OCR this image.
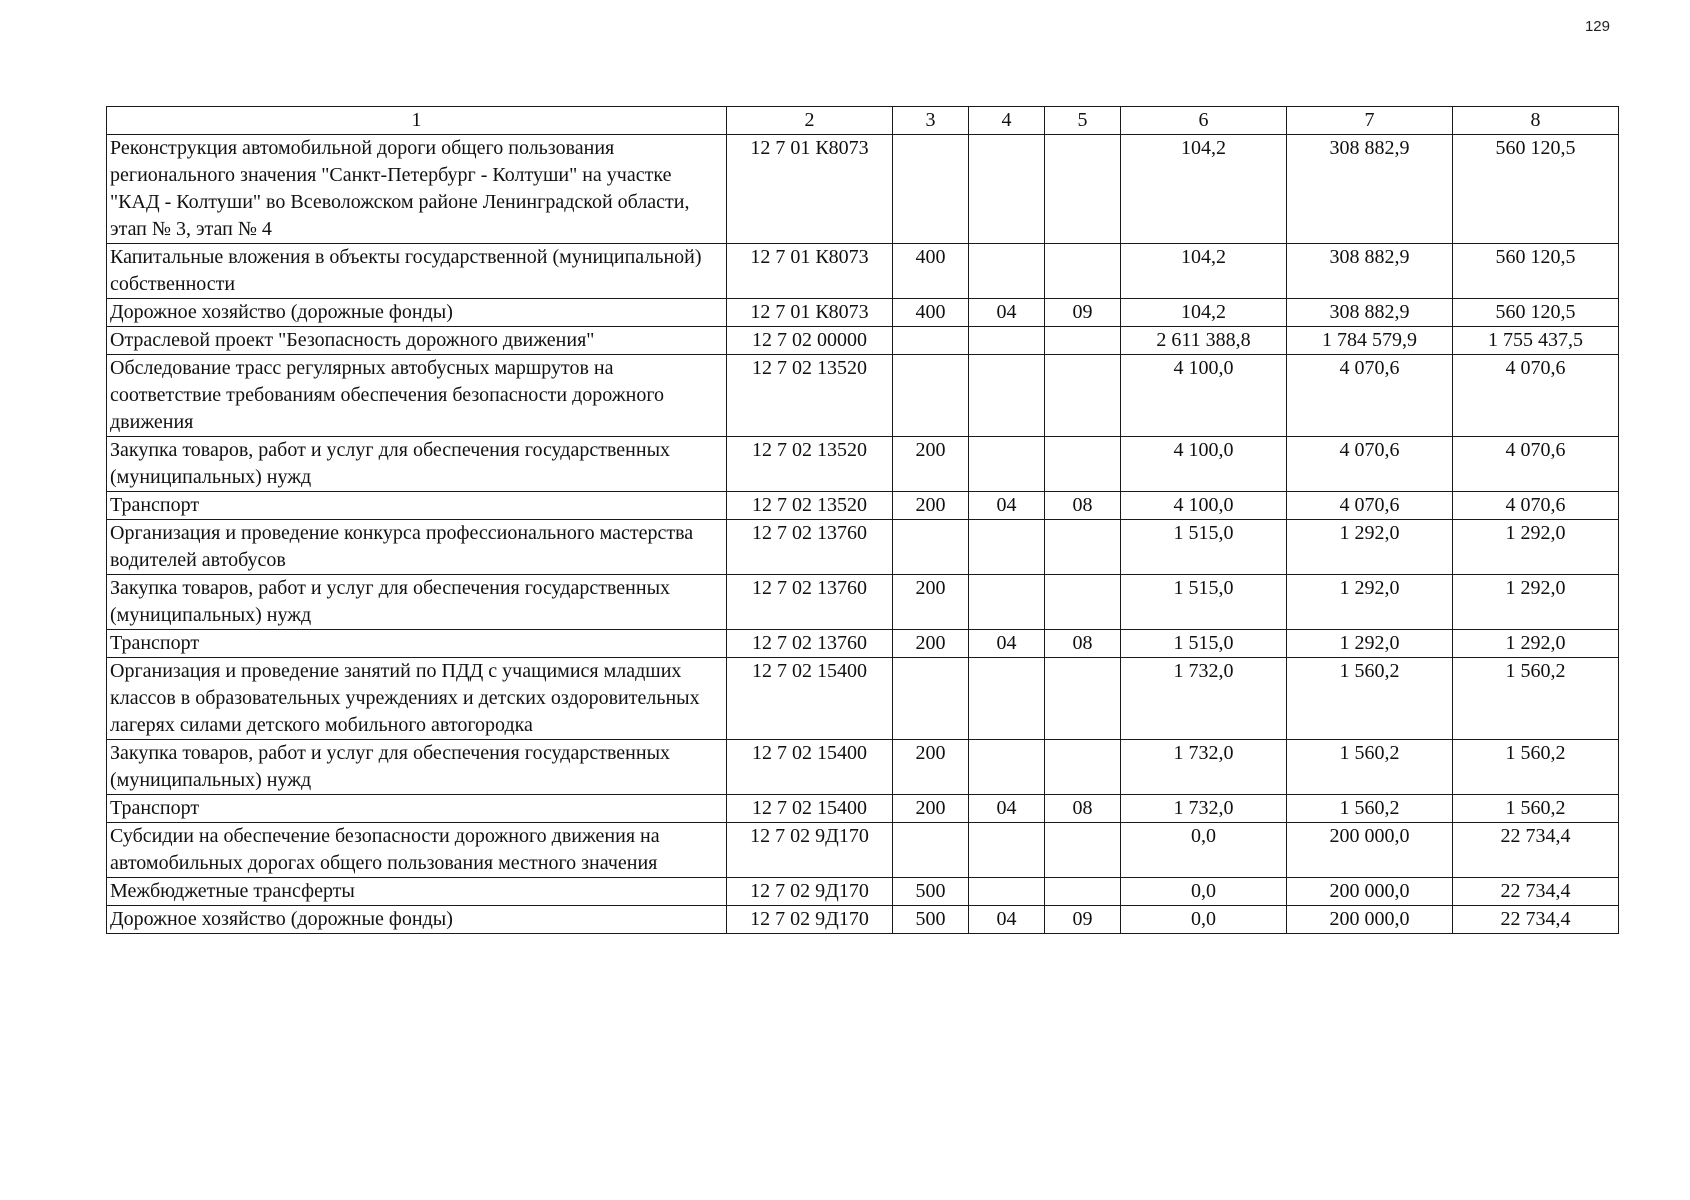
129
1	2	3	4	5	6	7	8
Реконструкция автомобильной дороги общего пользования регионального значения "Санкт-Петербург - Колтуши" на участке "КАД - Колтуши" во Всеволожском районе Ленинградской области, этап № 3, этап № 4	12 7 01 К8073				104,2	308 882,9	560 120,5
Капитальные вложения в объекты государственной (муниципальной) собственности	12 7 01 К8073	400			104,2	308 882,9	560 120,5
Дорожное хозяйство (дорожные фонды)	12 7 01 К8073	400	04	09	104,2	308 882,9	560 120,5
Отраслевой проект "Безопасность дорожного движения"	12 7 02 00000				2 611 388,8	1 784 579,9	1 755 437,5
Обследование трасс регулярных автобусных маршрутов на соответствие требованиям обеспечения безопасности дорожного движения	12 7 02 13520				4 100,0	4 070,6	4 070,6
Закупка товаров, работ и услуг для обеспечения государственных (муниципальных) нужд	12 7 02 13520	200			4 100,0	4 070,6	4 070,6
Транспорт	12 7 02 13520	200	04	08	4 100,0	4 070,6	4 070,6
Организация и проведение конкурса профессионального мастерства водителей автобусов	12 7 02 13760				1 515,0	1 292,0	1 292,0
Закупка товаров, работ и услуг для обеспечения государственных (муниципальных) нужд	12 7 02 13760	200			1 515,0	1 292,0	1 292,0
Транспорт	12 7 02 13760	200	04	08	1 515,0	1 292,0	1 292,0
Организация и проведение занятий по ПДД с учащимися младших классов в образовательных учреждениях и детских оздоровительных лагерях силами детского мобильного автогородка	12 7 02 15400				1 732,0	1 560,2	1 560,2
Закупка товаров, работ и услуг для обеспечения государственных (муниципальных) нужд	12 7 02 15400	200			1 732,0	1 560,2	1 560,2
Транспорт	12 7 02 15400	200	04	08	1 732,0	1 560,2	1 560,2
Субсидии на обеспечение безопасности дорожного движения на автомобильных дорогах общего пользования местного значения	12 7 02 9Д170				0,0	200 000,0	22 734,4
Межбюджетные трансферты	12 7 02 9Д170	500			0,0	200 000,0	22 734,4
Дорожное хозяйство (дорожные фонды)	12 7 02 9Д170	500	04	09	0,0	200 000,0	22 734,4
